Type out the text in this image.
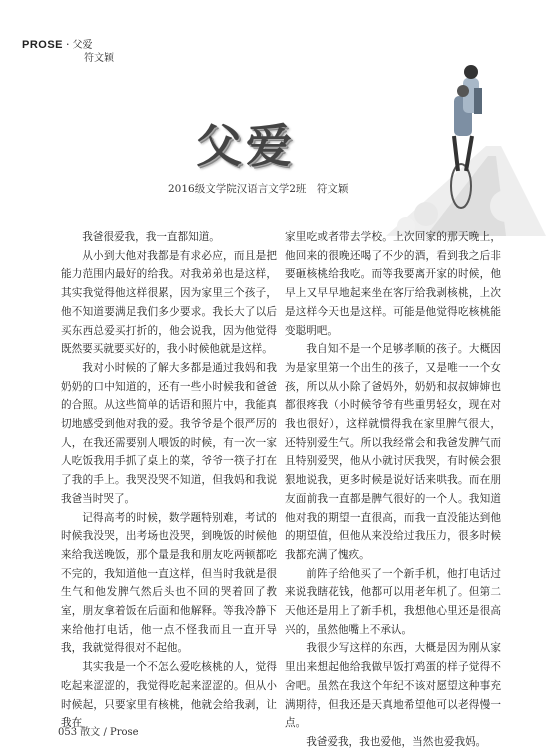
PROSE · 父爱
符文颖
父爱
2016级文学院汉语言文学2班　符文颖

我爸很爱我，我一直都知道。

从小到大他对我都是有求必应，而且是把能力范围内最好的给我。对我弟弟也是这样，其实我觉得他这样很累，因为家里三个孩子，他不知道要满足我们多少要求。我长大了以后买东西总爱买打折的，他会说我，因为他觉得既然要买就要买好的，我小时候他就是这样。

我对小时候的了解大多都是通过我妈和我奶奶的口中知道的，还有一些小时候我和爸爸的合照。从这些简单的话语和照片中，我能真切地感受到他对我的爱。我爷爷是个很严厉的人，在我还需要别人喂饭的时候，有一次一家人吃饭我用手抓了桌上的菜，爷爷一筷子打在了我的手上。我哭没哭不知道，但我妈和我说我爸当时哭了。

记得高考的时候，数学题特别难，考试的时候我没哭，出考场也没哭，到晚饭的时候他来给我送晚饭，那个量是我和朋友吃两顿都吃不完的，我知道他一直这样，但当时我就是很生气和他发脾气然后头也不回的哭着回了教室，朋友拿着饭在后面和他解释。等我冷静下来给他打电话，他一点不怪我而且一直开导我，我就觉得很对不起他。

其实我是一个不怎么爱吃核桃的人，觉得吃起来涩涩的，我觉得吃起来涩涩的。但从小时候起，只要家里有核桃，他就会给我剥，让我在

家里吃或者带去学校。上次回家的那天晚上，他回来的很晚还喝了不少的酒，看到我之后非要砸核桃给我吃。而等我要离开家的时候，他早上又早早地起来坐在客厅给我剥核桃，上次是这样今天也是这样。可能是他觉得吃核桃能变聪明吧。

我自知不是一个足够孝顺的孩子。大概因为是家里第一个出生的孩子，又是唯一一个女孩，所以从小除了爸妈外，奶奶和叔叔婶婶也都很疼我（小时候爷爷有些重男轻女，现在对我也很好），这样就惯得我在家里脾气很大，还特别爱生气。所以我经常会和我爸发脾气而且特别爱哭，他从小就讨厌我哭，有时候会狠狠地说我，更多时候是说好话来哄我。而在朋友面前我一直都是脾气很好的一个人。我知道他对我的期望一直很高，而我一直没能达到他的期望值，但他从来没给过我压力，很多时候我都充满了愧疚。

前阵子给他买了一个新手机，他打电话过来说我瞎花钱，他都可以用老年机了。但第二天他还是用上了新手机，我想他心里还是很高兴的，虽然他嘴上不承认。

我很少写这样的东西，大概是因为刚从家里出来想起他给我做早饭打鸡蛋的样子觉得不舍吧。虽然在我这个年纪不该对愿望这种事充满期待，但我还是天真地希望他可以老得慢一点。

我爸爱我，我也爱他，当然也爱我妈。

053 散文 / Prose
